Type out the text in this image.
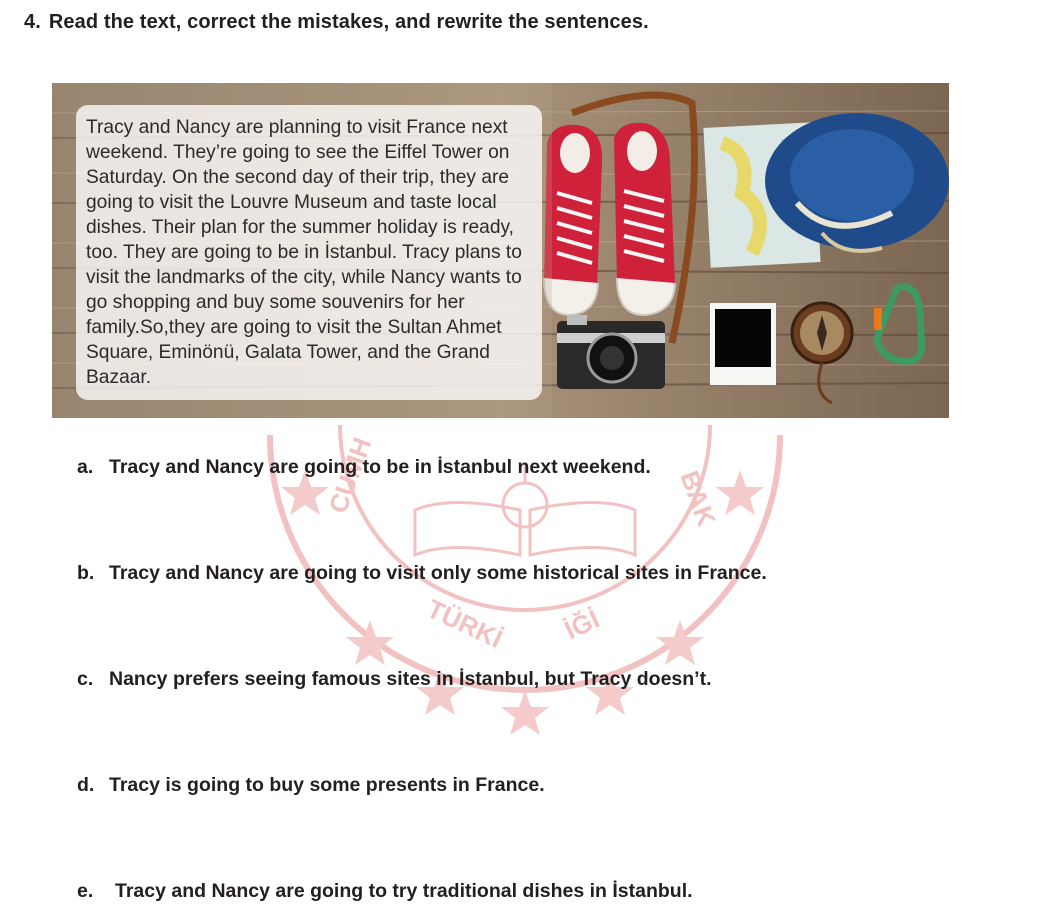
4. Read the text, correct the mistakes, and rewrite the sentences.
CUMH	BAK
TÜRKİ İĞİ

Tracy and Nancy are planning to visit France next weekend. They’re going to see the Eiffel Tower on Saturday. On the second day of their trip, they are going to visit the Louvre Museum and taste local dishes. Their plan for the summer holiday is ready, too. They are going to be in İstanbul. Tracy plans to visit the landmarks of the city, while Nancy wants to go shopping and buy some souvenirs for her family.So,they are going to visit the Sultan Ahmet Square, Eminönü, Galata Tower, and the Grand Bazaar.

a. Tracy and Nancy are going to be in İstanbul next weekend.
b. Tracy and Nancy are going to visit only some historical sites in France.
c. Nancy prefers seeing famous sites in İstanbul, but Tracy doesn’t.
d. Tracy is going to buy some presents in France.
e. Tracy and Nancy are going to try traditional dishes in İstanbul.
